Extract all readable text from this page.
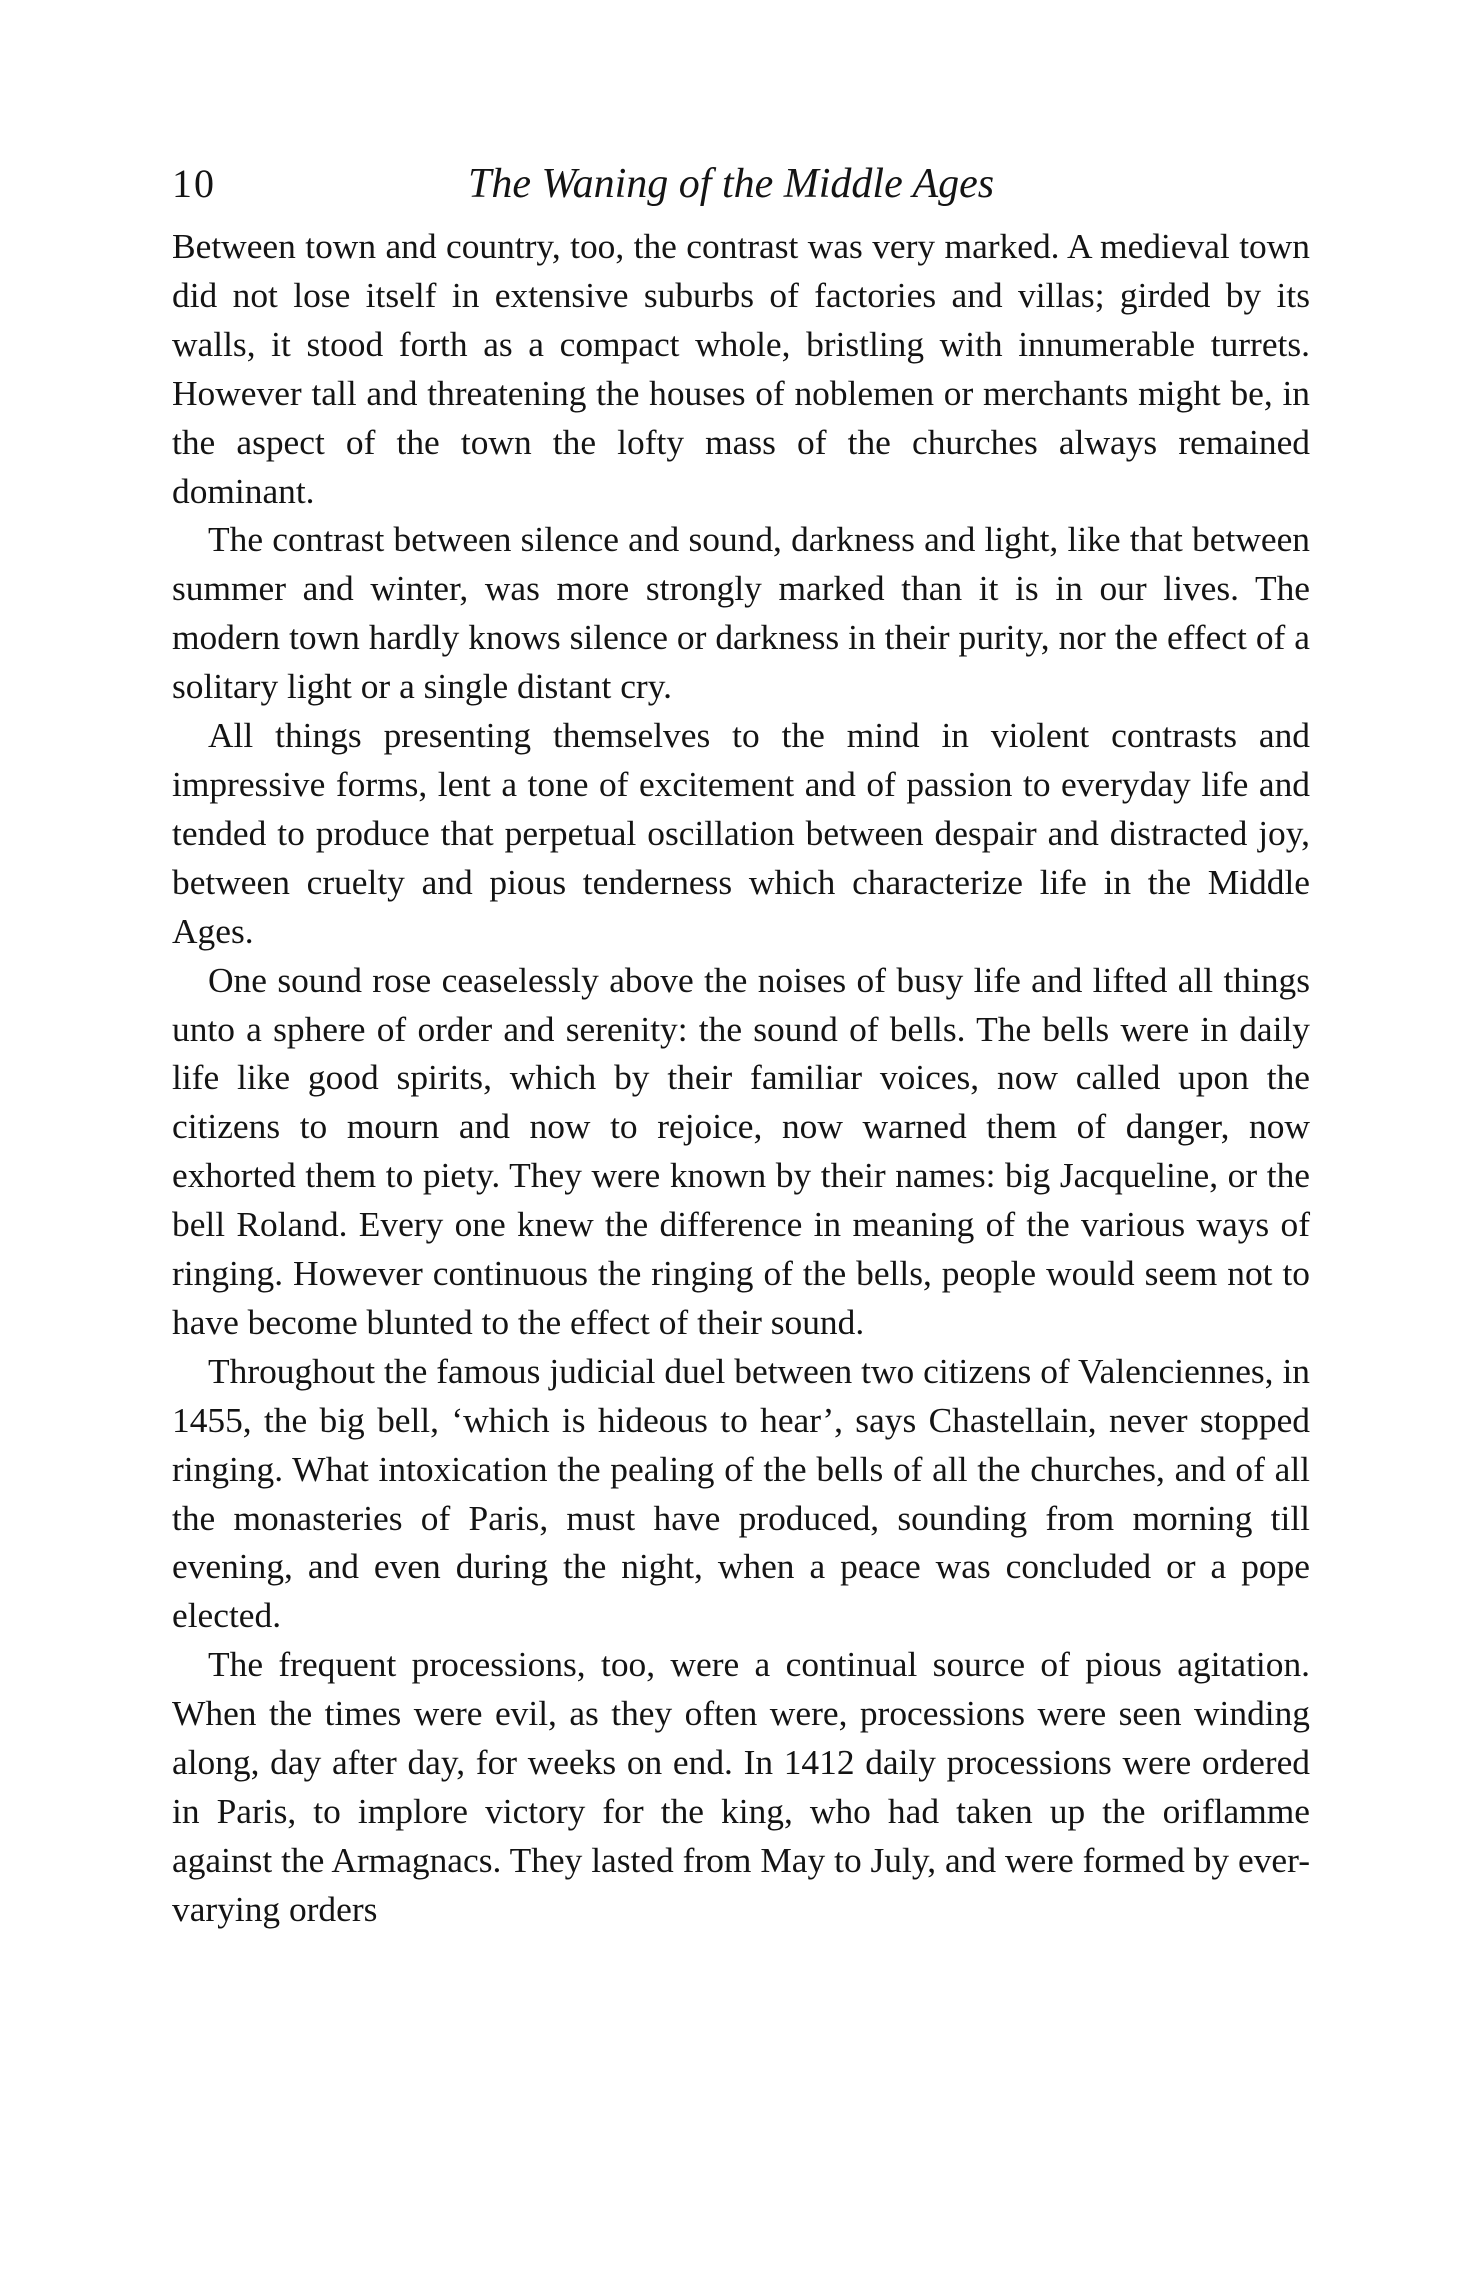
10	The Waning of the Middle Ages

Between town and country, too, the contrast was very marked. A medieval town did not lose itself in extensive suburbs of factories and villas; girded by its walls, it stood forth as a compact whole, bristling with innumerable turrets. However tall and threatening the houses of noblemen or merchants might be, in the aspect of the town the lofty mass of the churches always remained dominant.

The contrast between silence and sound, darkness and light, like that between summer and winter, was more strongly marked than it is in our lives. The modern town hardly knows silence or darkness in their purity, nor the effect of a solitary light or a single distant cry.

All things presenting themselves to the mind in violent contrasts and impressive forms, lent a tone of excitement and of passion to everyday life and tended to produce that perpetual oscillation between despair and distracted joy, between cruelty and pious tenderness which characterize life in the Middle Ages.

One sound rose ceaselessly above the noises of busy life and lifted all things unto a sphere of order and serenity: the sound of bells. The bells were in daily life like good spirits, which by their familiar voices, now called upon the citizens to mourn and now to rejoice, now warned them of danger, now exhorted them to piety. They were known by their names: big Jacqueline, or the bell Roland. Every one knew the difference in meaning of the various ways of ringing. However continuous the ringing of the bells, people would seem not to have become blunted to the effect of their sound.

Throughout the famous judicial duel between two citizens of Valenciennes, in 1455, the big bell, ‘which is hideous to hear’, says Chastellain, never stopped ringing. What intoxication the pealing of the bells of all the churches, and of all the monasteries of Paris, must have produced, sounding from morning till evening, and even during the night, when a peace was concluded or a pope elected.

The frequent processions, too, were a continual source of pious agitation. When the times were evil, as they often were, processions were seen winding along, day after day, for weeks on end. In 1412 daily processions were ordered in Paris, to implore victory for the king, who had taken up the oriflamme against the Armagnacs. They lasted from May to July, and were formed by ever-varying orders
